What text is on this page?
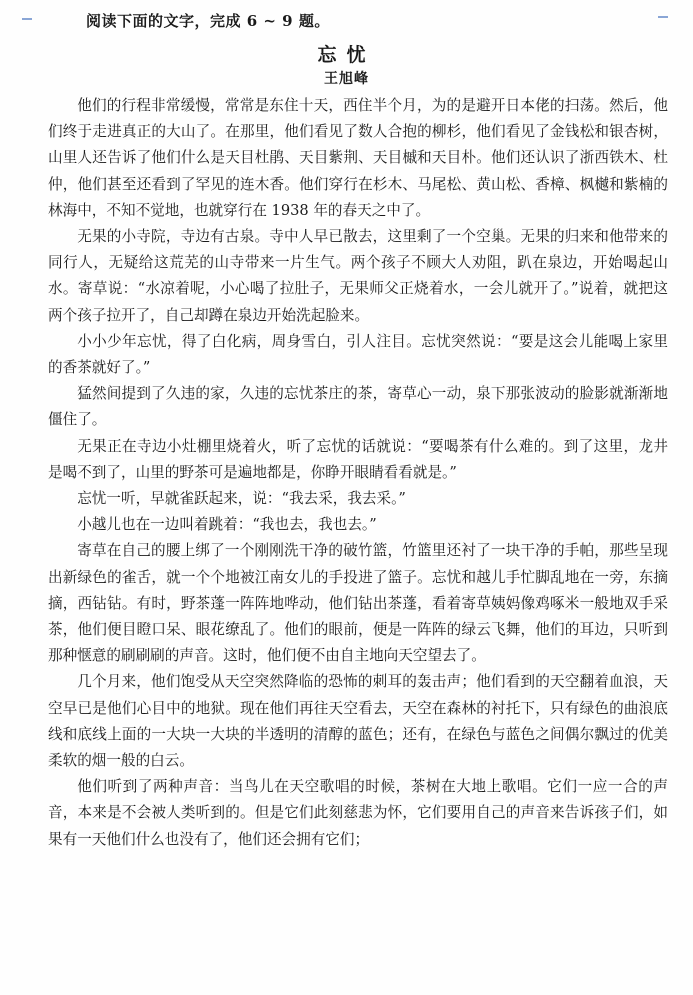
阅读下面的文字，完成 6 ~ 9 题。
忘忧
王旭峰

他们的行程非常缓慢，常常是东住十天，西住半个月，为的是避开日本佬的扫荡。然后，他们终于走进真正的大山了。在那里，他们看见了数人合抱的柳杉，他们看见了金钱松和银杏树，山里人还告诉了他们什么是天目杜鹃、天目紫荆、天目槭和天目朴。他们还认识了浙西铁木、杜仲，他们甚至还看到了罕见的连木香。他们穿行在杉木、马尾松、黄山松、香樟、枫樾和紫楠的林海中，不知不觉地，也就穿行在 1938 年的春天之中了。

无果的小寺院，寺边有古泉。寺中人早已散去，这里剩了一个空巢。无果的归来和他带来的同行人，无疑给这荒芜的山寺带来一片生气。两个孩子不顾大人劝阻，趴在泉边，开始喝起山水。寄草说：“水凉着呢，小心喝了拉肚子，无果师父正烧着水，一会儿就开了。”说着，就把这两个孩子拉开了，自己却蹲在泉边开始洗起脸来。

小小少年忘忧，得了白化病，周身雪白，引人注目。忘忧突然说：“要是这会儿能喝上家里的香茶就好了。”

猛然间提到了久违的家，久违的忘忧茶庄的茶，寄草心一动，泉下那张波动的脸影就渐渐地僵住了。

无果正在寺边小灶棚里烧着火，听了忘忧的话就说：“要喝茶有什么难的。到了这里，龙井是喝不到了，山里的野茶可是遍地都是，你睁开眼睛看看就是。”

忘忧一听，早就雀跃起来，说：“我去采，我去采。”

小越儿也在一边叫着跳着：“我也去，我也去。”

寄草在自己的腰上绑了一个刚刚洗干净的破竹篮，竹篮里还衬了一块干净的手帕，那些呈现出新绿色的雀舌，就一个个地被江南女儿的手投进了篮子。忘忧和越儿手忙脚乱地在一旁，东摘摘，西钻钻。有时，野茶蓬一阵阵地哗动，他们钻出茶蓬，看着寄草姨妈像鸡啄米一般地双手采茶，他们便目瞪口呆、眼花缭乱了。他们的眼前，便是一阵阵的绿云飞舞，他们的耳边，只听到那种惬意的刷刷刷的声音。这时，他们便不由自主地向天空望去了。

几个月来，他们饱受从天空突然降临的恐怖的刺耳的轰击声；他们看到的天空翻着血浪，天空早已是他们心目中的地狱。现在他们再往天空看去，天空在森林的衬托下，只有绿色的曲浪底线和底线上面的一大块一大块的半透明的清醇的蓝色；还有，在绿色与蓝色之间偶尔飘过的优美柔软的烟一般的白云。

他们听到了两种声音：当鸟儿在天空歌唱的时候，茶树在大地上歌唱。它们一应一合的声音，本来是不会被人类听到的。但是它们此刻慈悲为怀，它们要用自己的声音来告诉孩子们，如果有一天他们什么也没有了，他们还会拥有它们；
